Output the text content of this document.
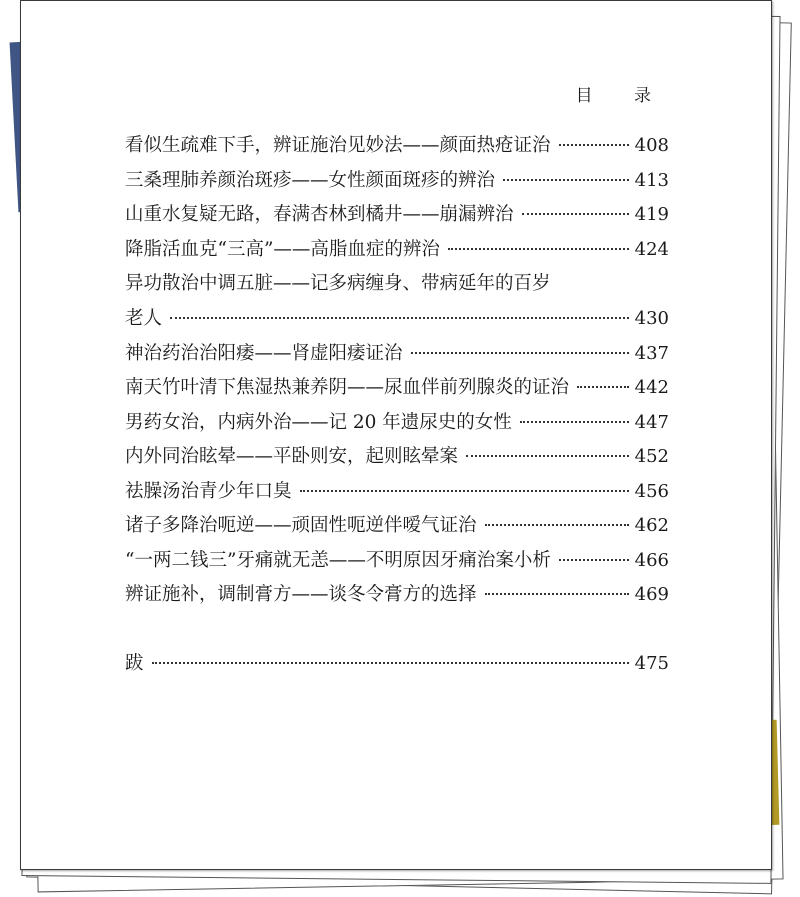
目 录
看似生疏难下手，辨证施治见妙法——颜面热疮证治	408
三桑理肺养颜治斑疹——女性颜面斑疹的辨治	413
山重水复疑无路，春满杏林到橘井——崩漏辨治	419
降脂活血克“三高”——高脂血症的辨治	424
异功散治中调五脏——记多病缠身、带病延年的百岁
老人	430
神治药治治阳痿——肾虚阳痿证治	437
南天竹叶清下焦湿热兼养阴——尿血伴前列腺炎的证治	442
男药女治，内病外治——记 20 年遗尿史的女性	447
内外同治眩晕——平卧则安，起则眩晕案	452
祛臊汤治青少年口臭	456
诸子多降治呃逆——顽固性呃逆伴嗳气证治	462
“一两二钱三”牙痛就无恙——不明原因牙痛治案小析	466
辨证施补，调制膏方——谈冬令膏方的选择	469
跋	475
